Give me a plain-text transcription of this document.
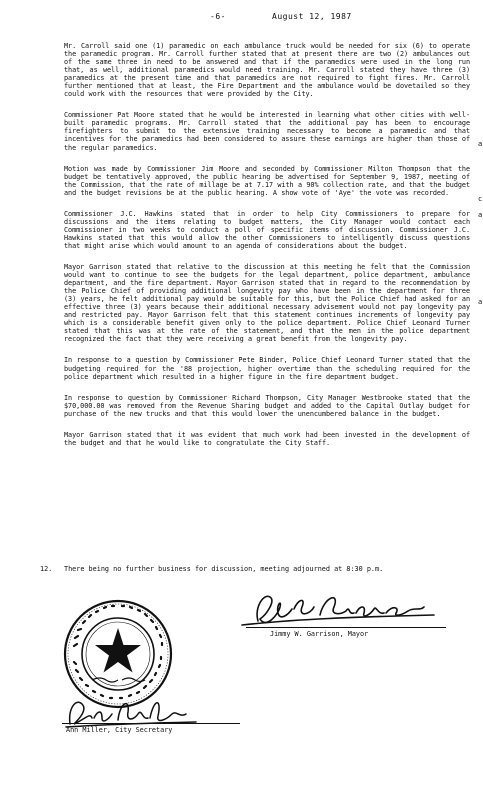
-6-	August 12, 1987

Mr. Carroll said one (1) paramedic on each ambulance truck would be needed for six (6) to operate the paramedic program. Mr. Carroll further stated that at present there are two (2) ambulances out of the same three in need to be answered and that if the paramedics were used in the long run that, as well, additional paramedics would need training. Mr. Carroll stated they have three (3) paramedics at the present time and that paramedics are not required to fight fires. Mr. Carroll further mentioned that at least, the Fire Department and the ambulance would be dovetailed so they could work with the resources that were provided by the City.

Commissioner Pat Moore stated that he would be interested in learning what other cities with well-built paramedic programs. Mr. Carroll stated that the additional pay has been to encourage firefighters to submit to the extensive training necessary to become a paramedic and that incentives for the paramedics had been considered to assure these earnings are higher than those of the regular paramedics.

Motion was made by Commissioner Jim Moore and seconded by Commissioner Milton Thompson that the budget be tentatively approved, the public hearing be advertised for September 9, 1987, meeting of the Commission, that the rate of millage be at 7.17 with a 90% collection rate, and that the budget and the budget revisions be at the public hearing. A show vote of 'Aye' the vote was recorded.

Commissioner J.C. Hawkins stated that in order to help City Commissioners to prepare for discussions and the items relating to budget matters, the City Manager would contact each Commissioner in two weeks to conduct a poll of specific items of discussion. Commissioner J.C. Hawkins stated that this would allow the other Commissioners to intelligently discuss questions that might arise which would amount to an agenda of considerations about the budget.

Mayor Garrison stated that relative to the discussion at this meeting he felt that the Commission would want to continue to see the budgets for the legal department, police department, ambulance department, and the fire department. Mayor Garrison stated that in regard to the recommendation by the Police Chief of providing additional longevity pay who have been in the department for three (3) years, he felt additional pay would be suitable for this, but the Police Chief had asked for an effective three (3) years because their additional necessary advisement would not pay longevity pay and restricted pay. Mayor Garrison felt that this statement continues increments of longevity pay which is a considerable benefit given only to the police department. Police Chief Leonard Turner stated that this was at the rate of the statement, and that the men in the police department recognized the fact that they were receiving a great benefit from the longevity pay.

In response to a question by Commissioner Pete Binder, Police Chief Leonard Turner stated that the budgeting required for the '88 projection, higher overtime than the scheduling required for the police department which resulted in a higher figure in the fire department budget.

In response to question by Commissioner Richard Thompson, City Manager Westbrooke stated that the $70,000.00 was removed from the Revenue Sharing budget and added to the Capital Outlay budget for purchase of the new trucks and that this would lower the unencumbered balance in the budget.

Mayor Garrison stated that it was evident that much work had been invested in the development of the budget and that he would like to congratulate the City Staff.

12. There being no further business for discussion, meeting adjourned at 8:30 p.m.
a
c
a
a
Jimmy W. Garrison, Mayor
Ann Miller, City Secretary
